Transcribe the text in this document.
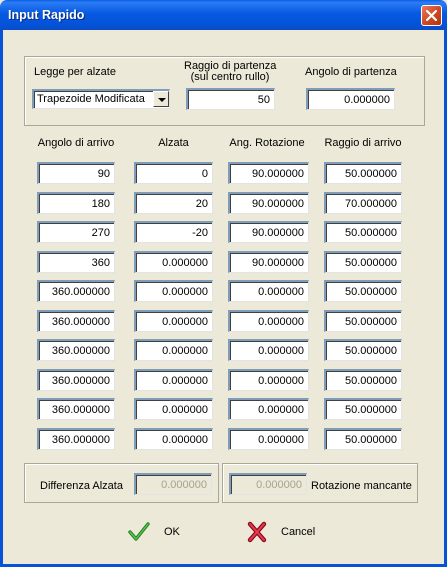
Input Rapido
Legge per alzate
Trapezoide Modificata
Raggio di partenza
(sul centro rullo)
50
Angolo di partenza
0.000000
Angolo di arrivo	Alzata	Ang. Rotazione	Raggio di arrivo
90	0	90.000000	50.000000
180	20	90.000000	70.000000
270	-20	90.000000	50.000000
360	0.000000	90.000000	50.000000
360.000000	0.000000	0.000000	50.000000
360.000000	0.000000	0.000000	50.000000
360.000000	0.000000	0.000000	50.000000
360.000000	0.000000	0.000000	50.000000
360.000000	0.000000	0.000000	50.000000
360.000000	0.000000	0.000000	50.000000
Differenza Alzata	0.000000	0.000000 Rotazione mancante
OK	Cancel
